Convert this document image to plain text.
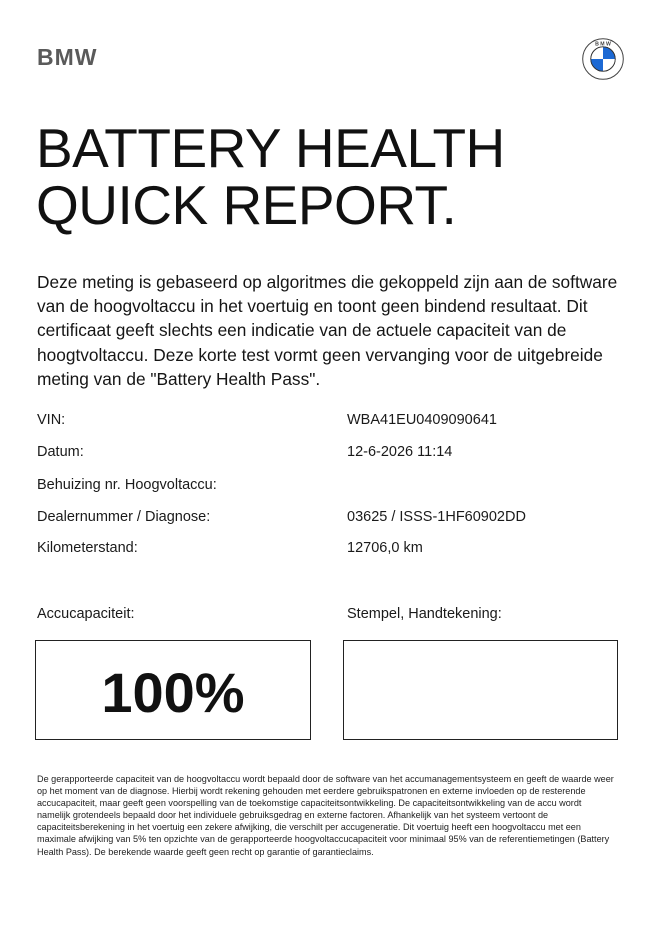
BMW	B M W
BATTERY HEALTH
QUICK REPORT.
Deze meting is gebaseerd op algoritmes die gekoppeld zijn aan de software van de hoogvoltaccu in het voertuig en toont geen bindend resultaat. Dit certificaat geeft slechts een indicatie van de actuele capaciteit van de hoogtvoltaccu. Deze korte test vormt geen vervanging voor de uitgebreide meting van de "Battery Health Pass".
VIN:	WBA41EU0409090641
Datum:	12-6-2026 11:14
Behuizing nr. Hoogvoltaccu:
Dealernummer / Diagnose:	03625 / ISSS-1HF60902DD
Kilometerstand:	12706,0 km
Accucapaciteit:	Stempel, Handtekening:
100%
De gerapporteerde capaciteit van de hoogvoltaccu wordt bepaald door de software van het accumanagementsysteem en geeft de waarde weer op het moment van de diagnose. Hierbij wordt rekening gehouden met eerdere gebruikspatronen en externe invloeden op de resterende accucapaciteit, maar geeft geen voorspelling van de toekomstige capaciteitsontwikkeling. De capaciteitsontwikkeling van de accu wordt namelijk grotendeels bepaald door het individuele gebruiksgedrag en externe factoren. Afhankelijk van het systeem vertoont de capaciteitsberekening in het voertuig een zekere afwijking, die verschilt per accugeneratie. Dit voertuig heeft een hoogvoltaccu met een maximale afwijking van 5% ten opzichte van de gerapporteerde hoogvoltaccucapaciteit voor minimaal 95% van de referentiemetingen (Battery Health Pass). De berekende waarde geeft geen recht op garantie of garantieclaims.
